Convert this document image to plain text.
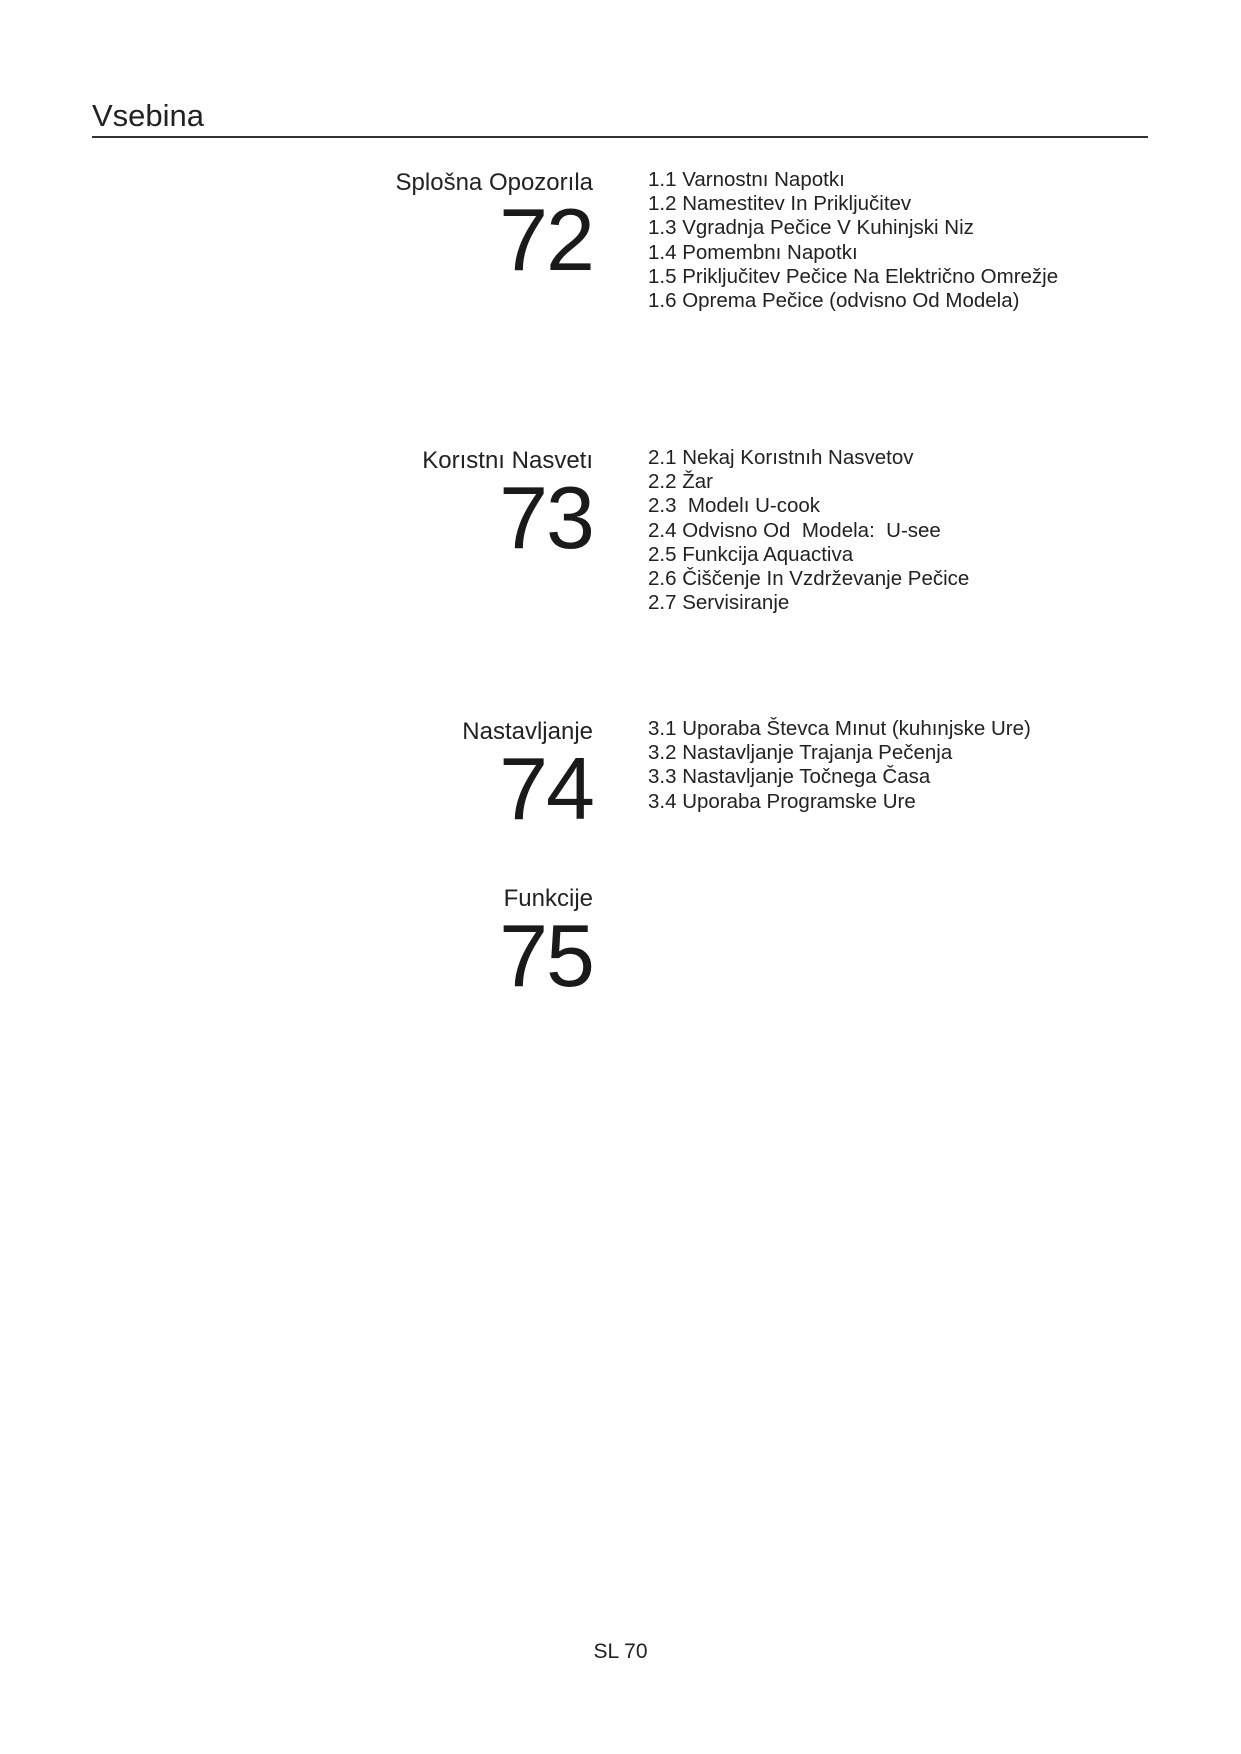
Vsebina
Splošna Opozorıla
72
1.1 Varnostnı Napotkı
1.2 Namestitev In Priključitev
1.3 Vgradnja Pečice V Kuhinjski Niz
1.4 Pomembnı Napotkı
1.5 Priključitev Pečice Na Električno Omrežje
1.6 Oprema Pečice (odvisno Od Modela)
Korıstnı Nasvetı
73
2.1 Nekaj Korıstnıh Nasvetov
2.2 Žar
2.3  Modelı U-cook
2.4 Odvisno Od  Modela:  U-see
2.5 Funkcija Aquactiva
2.6 Čiščenje In Vzdrževanje Pečice
2.7 Servisiranje
Nastavljanje
74
3.1 Uporaba Števca Mınut (kuhınjske Ure)
3.2 Nastavljanje Trajanja Pečenja
3.3 Nastavljanje Točnega Časa
3.4 Uporaba Programske Ure
Funkcije
75
SL 70
